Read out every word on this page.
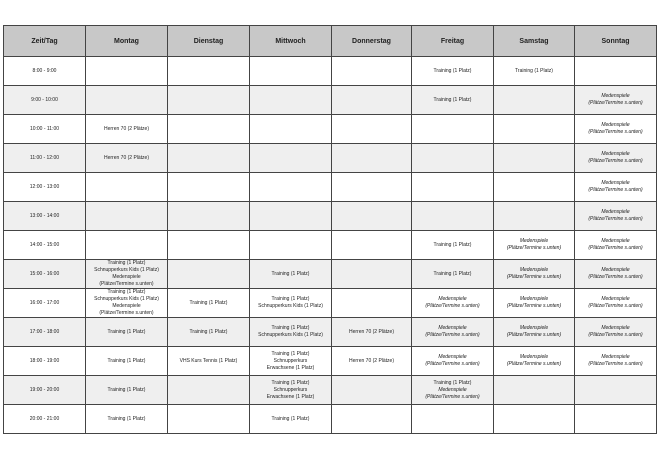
Zeit/Tag	Montag	Dienstag	Mittwoch	Donnerstag	Freitag	Samstag	Sonntag
8:00 - 9:00					Training (1 Platz)	Training (1 Platz)	

9:00 - 10:00					Training (1 Platz)		Medenspiele
(Plätze/Termine s.unten)

10:00 - 11:00	Herren 70 (2 Plätze)						Medenspiele
(Plätze/Termine s.unten)

11:00 - 12:00	Herren 70 (2 Plätze)						Medenspiele
(Plätze/Termine s.unten)

12:00 - 13:00							Medenspiele
(Plätze/Termine s.unten)

13:00 - 14:00							Medenspiele
(Plätze/Termine s.unten)

14:00 - 15:00					Training (1 Platz)	Medenspiele
(Plätze/Termine s.unten)	Medenspiele
(Plätze/Termine s.unten)

15:00 - 16:00	Training (1 Platz)
Schnupperkurs Kids (1 Platz)
Medenspiele
(Plätze/Termine s.unten)		Training (1 Platz)		Training (1 Platz)	Medenspiele
(Plätze/Termine s.unten)	Medenspiele
(Plätze/Termine s.unten)

16:00 - 17:00	Training (1 Platz)
Schnupperkurs Kids (1 Platz)
Medenspiele
(Plätze/Termine s.unten)	Training (1 Platz)	Training (1 Platz)
Schnupperkurs Kids (1 Platz)		Medenspiele
(Plätze/Termine s.unten)	Medenspiele
(Plätze/Termine s.unten)	Medenspiele
(Plätze/Termine s.unten)

17:00 - 18:00	Training (1 Platz)	Training (1 Platz)	Training (1 Platz)
Schnupperkurs Kids (1 Platz)	Herren 70 (2 Plätze)	Medenspiele
(Plätze/Termine s.unten)	Medenspiele
(Plätze/Termine s.unten)	Medenspiele
(Plätze/Termine s.unten)

18:00 - 19:00	Training (1 Platz)	VHS Kurs Tennis (1 Platz)	Training (1 Platz)
Schnupperkurs
Erwachsene (1 Platz)	Herren 70 (2 Plätze)	Medenspiele
(Plätze/Termine s.unten)	Medenspiele
(Plätze/Termine s.unten)	Medenspiele
(Plätze/Termine s.unten)

19:00 - 20:00	Training (1 Platz)		Training (1 Platz)
Schnupperkurs
Erwachsene (1 Platz)		Training (1 Platz)
Medenspiele
(Plätze/Termine s.unten)		

20:00 - 21:00	Training (1 Platz)		Training (1 Platz)				
